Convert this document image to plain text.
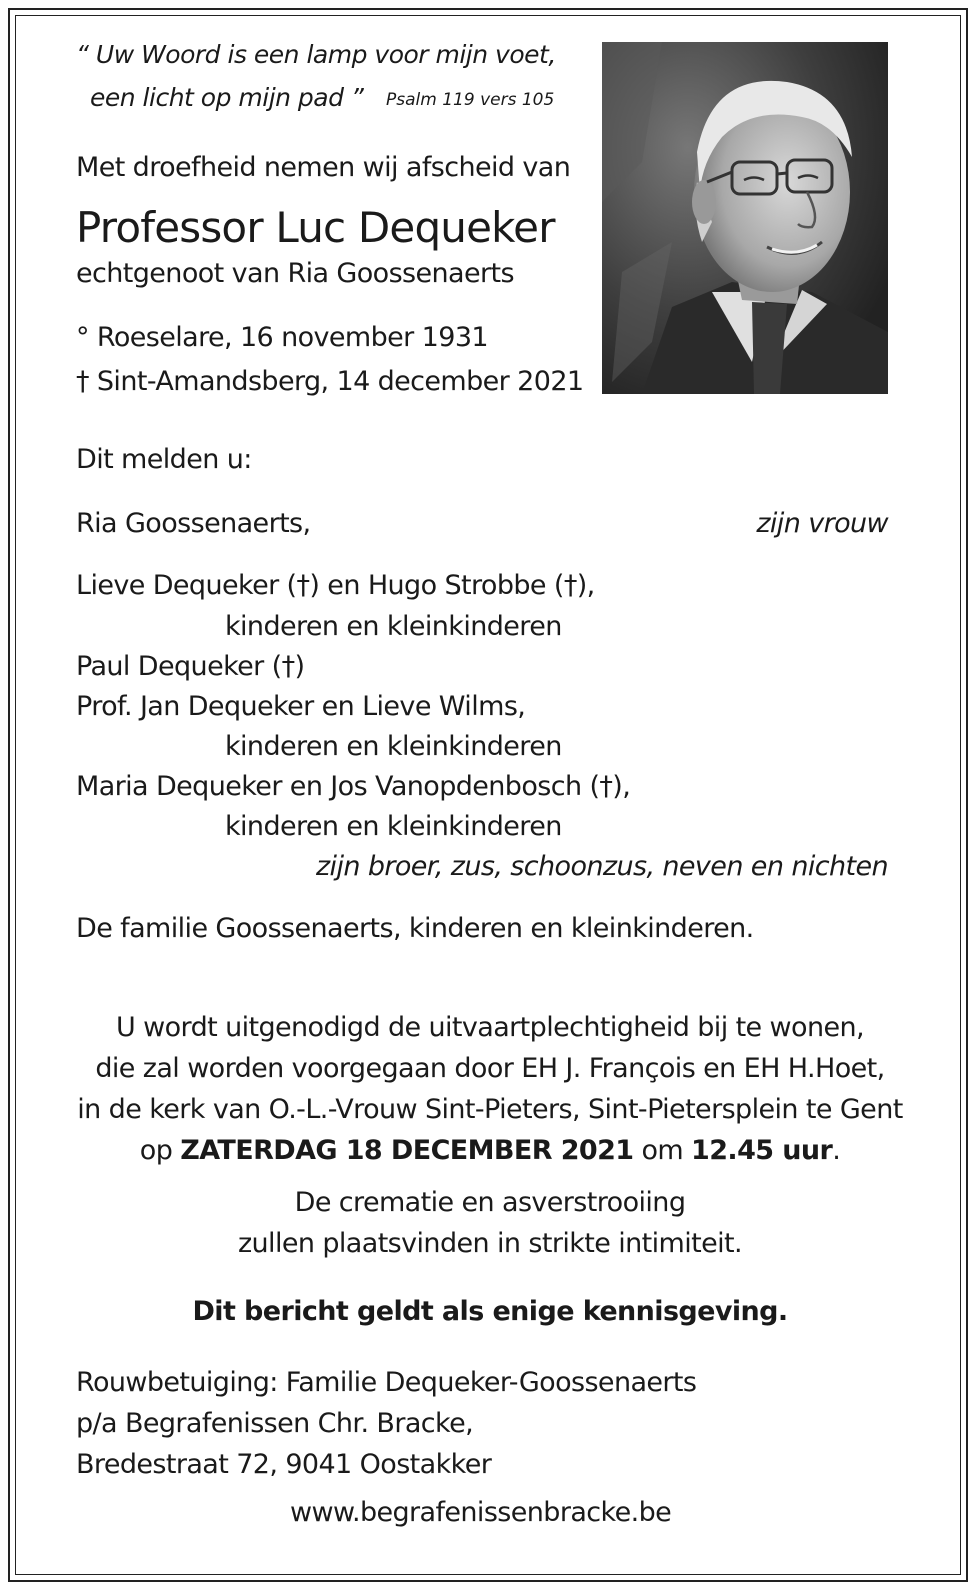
“ Uw Woord is een lamp voor mijn voet,
een licht op mijn pad ” Psalm 119 vers 105
Met droefheid nemen wij afscheid van
Professor Luc Dequeker
echtgenoot van Ria Goossenaerts
° Roeselare, 16 november 1931
† Sint-Amandsberg, 14 december 2021
Dit melden u:
Ria Goossenaerts,	zijn vrouw
Lieve Dequeker (†) en Hugo Strobbe (†),
kinderen en kleinkinderen
Paul Dequeker (†)
Prof. Jan Dequeker en Lieve Wilms,
kinderen en kleinkinderen
Maria Dequeker en Jos Vanopdenbosch (†),
kinderen en kleinkinderen
zijn broer, zus, schoonzus, neven en nichten
De familie Goossenaerts, kinderen en kleinkinderen.
U wordt uitgenodigd de uitvaartplechtigheid bij te wonen,
die zal worden voorgegaan door EH J. François en EH H.Hoet,
in de kerk van O.-L.-Vrouw Sint-Pieters, Sint-Pietersplein te Gent
op ZATERDAG 18 DECEMBER 2021 om 12.45 uur.
De crematie en asverstrooiing
zullen plaatsvinden in strikte intimiteit.
Dit bericht geldt als enige kennisgeving.
Rouwbetuiging: Familie Dequeker-Goossenaerts
p/a Begrafenissen Chr. Bracke,
Bredestraat 72, 9041 Oostakker
www.begrafenissenbracke.be
